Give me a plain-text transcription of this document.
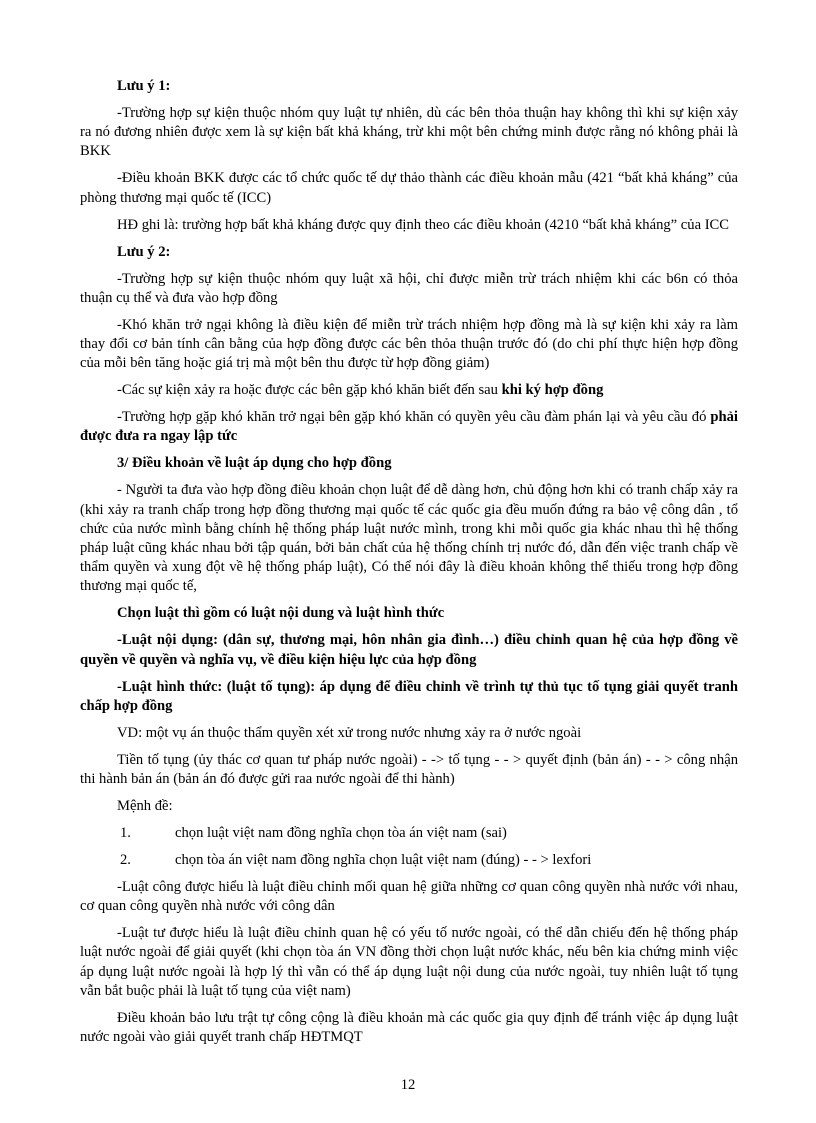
Lưu ý 1:

-Trường hợp sự kiện thuộc nhóm quy luật tự nhiên, dù các bên thỏa thuận hay không thì khi sự kiện xảy ra nó đương nhiên được xem là sự kiện bất khả kháng, trừ khi một bên chứng minh được rằng nó không phải là BKK

-Điều khoản BKK được các tổ chức quốc tế dự thảo thành các điều khoản mẫu (421 “bất khả kháng” của phòng thương mại quốc tế (ICC)

HĐ ghi là: trường hợp bất khả kháng được quy định theo các điều khoản (4210 “bất khả kháng” của ICC

Lưu ý 2:

-Trường hợp sự kiện thuộc nhóm quy luật xã hội, chỉ được miễn trừ trách nhiệm khi các b6n có thỏa thuận cụ thể và đưa vào hợp đồng

-Khó khăn trở ngại không là điều kiện để miễn trừ trách nhiệm hợp đồng mà là sự kiện khi xảy ra làm thay đổi cơ bản tính cân bằng của hợp đồng được các bên thỏa thuận trước đó (do chi phí thực hiện hợp đồng của mỗi bên tăng hoặc giá trị mà một bên thu được từ hợp đồng giảm)

-Các sự kiện xảy ra hoặc được các bên gặp khó khăn biết đến sau khi ký hợp đồng

-Trường hợp gặp khó khăn trở ngại bên gặp khó khăn có quyền yêu cầu đàm phán lại và yêu cầu đó phải được đưa ra ngay lập tức

3/ Điều khoản về luật áp dụng cho hợp đồng

- Người ta đưa vào hợp đồng điều khoản chọn luật để dễ dàng hơn, chủ động hơn khi có tranh chấp xảy ra (khi xảy ra tranh chấp trong hợp đồng thương mại quốc tế các quốc gia đều muốn đứng ra bảo vệ công dân , tổ chức của nước mình bằng chính hệ thống pháp luật nước mình, trong khi mỗi quốc gia khác nhau thì hệ thống pháp luật cũng khác nhau bởi tập quán, bởi bản chất của hệ thống chính trị nước đó, dẫn đến việc tranh chấp về thẩm quyền và xung đột về hệ thống pháp luật), Có thể nói đây là điều khoản không thể thiếu trong hợp đồng thương mại quốc tế,

Chọn luật thì gồm có luật nội dung và luật hình thức

-Luật nội dụng: (dân sự, thương mại, hôn nhân gia đình…) điều chỉnh quan hệ của hợp đồng về quyền về quyền và nghĩa vụ, về điều kiện hiệu lực của hợp đồng

-Luật hình thức: (luật tố tụng): áp dụng để điều chỉnh về trình tự thủ tục tố tụng giải quyết tranh chấp hợp đồng

VD: một vụ án thuộc thẩm quyền xét xử trong nước nhưng xảy ra ở nước ngoài

Tiền tố tụng (ủy thác cơ quan tư pháp nước ngoài) - -> tố tụng - - > quyết định (bản án) - - > công nhận thi hành bản án (bản án đó được gửi raa nước ngoài để thi hành)

Mệnh đề:

1.	chọn luật việt nam đồng nghĩa chọn tòa án việt nam (sai)
2.	chọn tòa án việt nam đồng nghĩa chọn luật việt nam (đúng) - - > lexfori

-Luật công được hiểu là luật điều chỉnh mối quan hệ giữa những cơ quan công quyền nhà nước với nhau, cơ quan công quyền nhà nước với công dân

-Luật tư được hiểu là luật điều chỉnh quan hệ có yếu tố nước ngoài, có thể dẫn chiếu đến hệ thống pháp luật nước ngoài để giải quyết (khi chọn tòa án VN đồng thời chọn luật nước khác, nếu bên kia chứng minh việc áp dụng luật nước ngoài là hợp lý thì vẫn có thể áp dụng luật nội dung của nước ngoài, tuy nhiên luật tố tụng vẫn bắt buộc phải là luật tố tụng của việt nam)

Điều khoản bảo lưu trật tự công cộng là điều khoản mà các quốc gia quy định để tránh việc áp dụng luật nước ngoài vào giải quyết tranh chấp HĐTMQT

12
